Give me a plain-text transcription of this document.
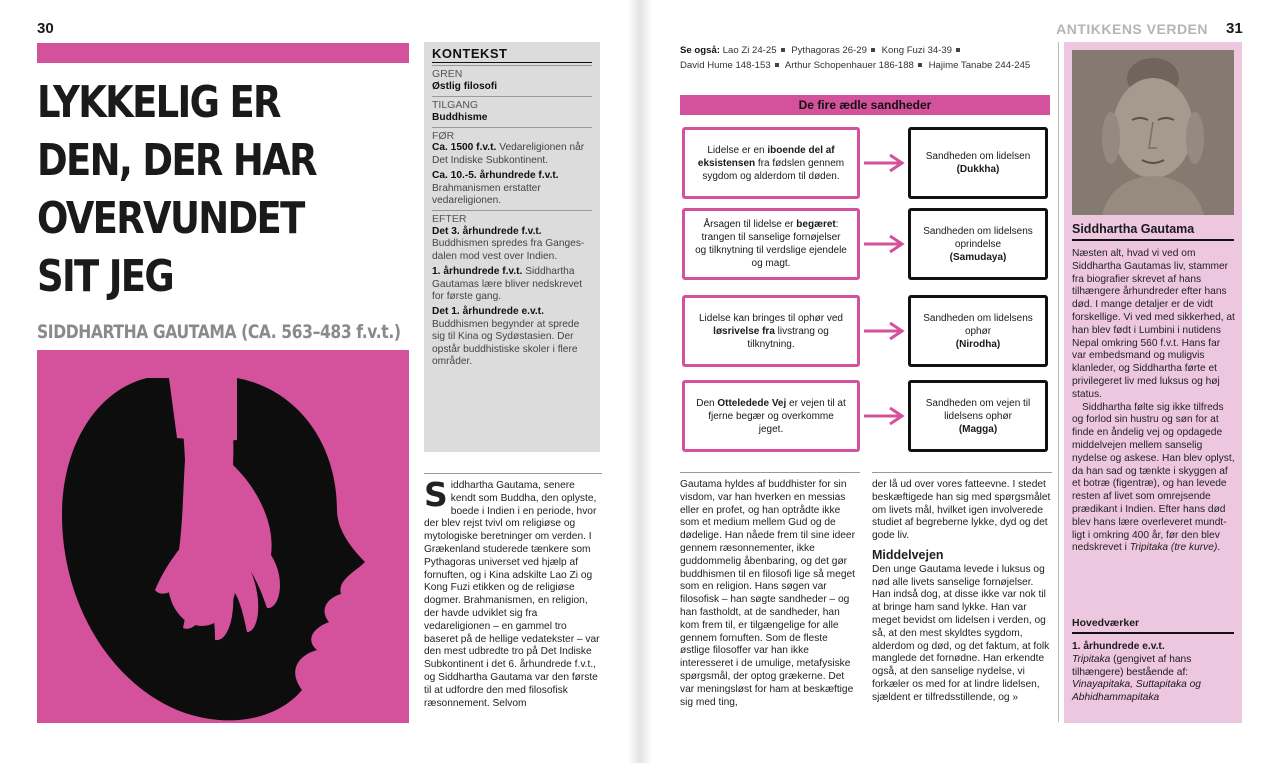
30
LYKKELIG ER
DEN, DER HAR
OVERVUNDET
SIT JEG
SIDDHARTHA GAUTAMA (CA. 563–483 f.v.t.)
KONTEKST
GREN

Østlig filosofi

TILGANG

Buddhisme

FØR

Ca. 1500 f.v.t. Vedareligionen når Det Indiske Subkontinent.

Ca. 10.-5. århundrede f.v.t. Brahmanismen erstatter vedareligionen.

EFTER

Det 3. århundrede f.v.t. Buddhismen spredes fra Ganges-dalen mod vest over Indien.

1. århundrede f.v.t. Siddhartha Gautamas lære bliver nedskrevet for første gang.

Det 1. århundrede e.v.t. Buddhismen begynder at sprede sig til Kina og Sydøstasien. Der opstår buddhistiske skoler i flere områder.

Siddhartha Gautama, senere kendt som Buddha, den oplyste, boede i Indien i en periode, hvor der blev rejst tvivl om religiøse og mytologiske beretninger om verden. I Grækenland studerede tænkere som Pythagoras universet ved hjælp af fornuften, og i Kina adskilte Lao Zi og Kong Fuzi etikken og de religiøse dogmer. Brahmanismen, en religion, der havde udviklet sig fra vedareligionen – en gammel tro baseret på de hellige vedatekster – var den mest udbredte tro på Det Indiske Subkontinent i det 6. århundrede f.v.t., og Siddhartha Gautama var den første til at udfordre den med filosofisk ræsonnement. Selvom
ANTIKKENS VERDEN 31
Se også: Lao Zi 24-25 Pythagoras 26-29 Kong Fuzi 34-39
David Hume 148-153 Arthur Schopenhauer 186-188 Hajime Tanabe 244-245
De fire ædle sandheder
Lidelse er en iboende del af eksistensen fra fødslen gennem sygdom og alderdom til døden.
Sandheden om lidelsen
(Dukkha)
Årsagen til lidelse er begæret: trangen til sanselige fornøjelser og tilknytning til verdslige ejendele og magt.
Sandheden om lidelsens oprindelse
(Samudaya)
Lidelse kan bringes til ophør ved løsrivelse fra livstrang og tilknytning.
Sandheden om lidelsens ophør
(Nirodha)
Den Otteledede Vej er vejen til at fjerne begær og overkomme jeget.
Sandheden om vejen til lidelsens ophør
(Magga)
Gautama hyldes af buddhister for sin visdom, var han hverken en messias eller en profet, og han optrådte ikke som et medium mellem Gud og de dødelige. Han nåede frem til sine ideer gennem ræsonnementer, ikke guddommelig åbenbaring, og det gør buddhismen til en filosofi lige så meget som en religion. Hans søgen var filosofisk – han søgte sandheder – og han fastholdt, at de sandheder, han kom frem til, er tilgængelige for alle gennem fornuften. Som de fleste østlige filosoffer var han ikke interesseret i de umulige, metafysiske spørgsmål, der optog grækerne. Det var meningsløst for ham at beskæftige sig med ting,
der lå ud over vores fatteevne. I stedet beskæftigede han sig med spørgsmålet om livets mål, hvilket igen involverede studiet af begreberne lykke, dyd og det gode liv.
Middelvejen
Den unge Gautama levede i luksus og nød alle livets sanselige fornøjelser. Han indså dog, at disse ikke var nok til at bringe ham sand lykke. Han var meget bevidst om lidelsen i verden, og så, at den mest skyldtes sygdom, alderdom og død, og det faktum, at folk manglede det fornødne. Han erkendte også, at den sanselige nydelse, vi forkæler os med for at lindre lidelsen, sjældent er tilfredsstillende, og »
Siddhartha Gautama

Næsten alt, hvad vi ved om Siddhartha Gautamas liv, stammer fra biografier skrevet af hans tilhængere århundreder efter hans død. I mange detaljer er de vidt forskellige. Vi ved med sikkerhed, at han blev født i Lumbini i nutidens Nepal omkring 560 f.v.t. Hans far var embedsmand og muligvis klanleder, og Siddhartha førte et privilegeret liv med luksus og høj status.

Siddhartha følte sig ikke tilfreds og forlod sin hustru og søn for at finde en åndelig vej og opdagede middelvejen mellem sanselig nydelse og askese. Han blev oplyst, da han sad og tænkte i skyggen af et botræ (figentræ), og han levede resten af livet som omrejsende prædikant i Indien. Efter hans død blev hans lære overleveret mundtligt i omkring 400 år, før den blev nedskrevet i Tripitaka (tre kurve).

Hovedværker
1. århundrede e.v.t.
Tripitaka (gengivet af hans tilhængere) bestående af: Vinayapitaka, Suttapitaka og Abhidhammapitaka
